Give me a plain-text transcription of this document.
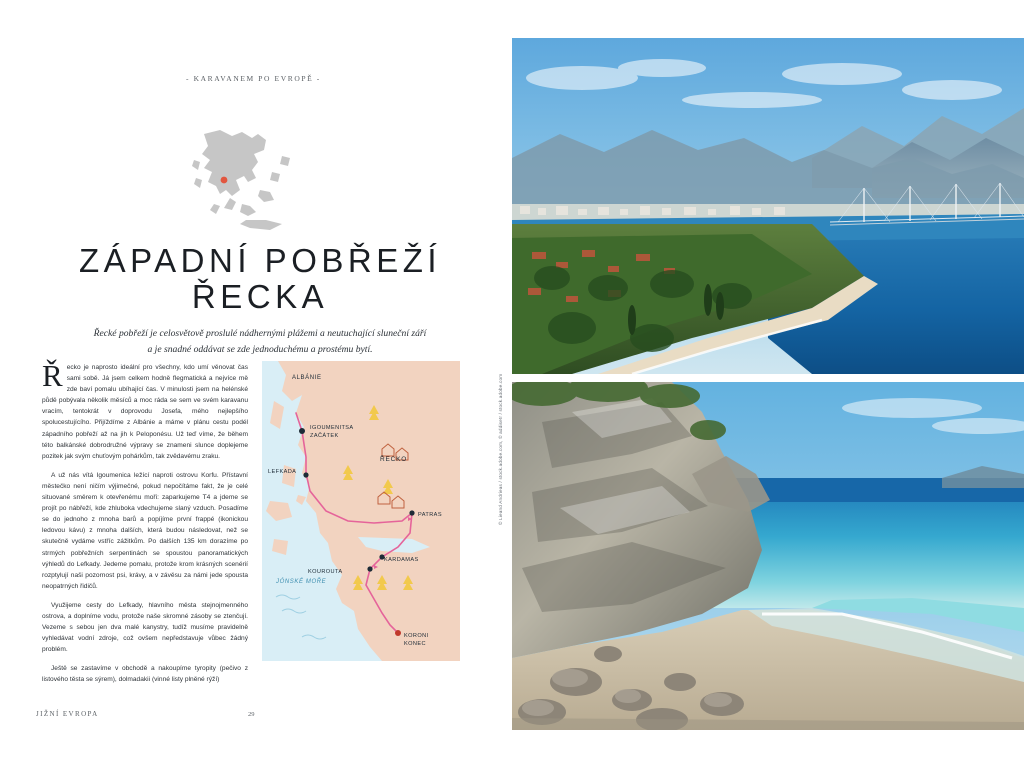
- KARAVANEM PO EVROPĚ -
ZÁPADNÍ POBŘEŽÍ
ŘECKA
Řecké pobřeží je celosvětově proslulé nádhernými plážemi a neutuchající sluneční září
a je snadné oddávat se zde jednoduchému a prostému bytí.

Řecko je naprosto ideální pro všechny, kdo umí věnovat čas sami sobě. Já jsem celkem hodně flegmatická a nejvíce mě zde baví pomalu ubíhající čas. V minulosti jsem na helénské půdě pobývala několik měsíců a moc ráda se sem ve svém karavanu vracím, tentokrát v doprovodu Josefa, mého nejlepšího spolucestujícího. Přijíždíme z Albánie a máme v plánu cestu podél západního pobřeží až na jih k Peloponésu. Už teď víme, že během této balkánské dobrodružné výpravy se znameni slunce doplejeme pozitek jak svým chuťovým pohárkům, tak zvědavému zraku.

A už nás vítá Igoumenica ležící naproti ostrovu Korfu. Přístavní městečko není ničím výjimečné, pokud nepočítáme fakt, že je celé situované směrem k otevřenému moři: zaparkujeme T4 a jdeme se projít po nábřeží, kde zhluboka vdechujeme slaný vzduch. Posadíme se do jednoho z mnoha barů a popíjíme první frappé (ikonickou ledovou kávu) z mnoha dalších, která budou následovat, než se skutečně vydáme vstříc zážitkům. Po dalších 135 km dorazíme po strmých pobřežních serpentinách se spoustou panoramatických výhledů do Lefkady. Jedeme pomalu, protože krom krásných scenérií rozptylují naši pozornost psi, krávy, a v závěsu za námi jede spousta neopatrných řidičů.

Využijeme cesty do Lefkady, hlavního města stejnojmenného ostrova, a doplníme vodu, protože naše skromné zásoby se ztenčují. Vezeme s sebou jen dva malé kanystry, tudíž musíme pravidelně vyhledávat vodní zdroje, což ovšem nepředstavuje vůbec žádný problém.

Ještě se zastavíme v obchodě a nakoupíme tyropity (pečivo z listového těsta se sýrem), dolmadakii (vinné listy plněné rýží)

ALBÁNIE
ŘECKO
IGOUMENITSA
ZAČÁTEK
LEFKADA
PATRAS
KARDAMAS
KOUROUTA
KORONI
KONEC
JÓNSKÉ MOŘE
JIŽNÍ EVROPA	29
© Lieand Andrieas / stock.adobe.com, © addisetr / stock.adobe.com
